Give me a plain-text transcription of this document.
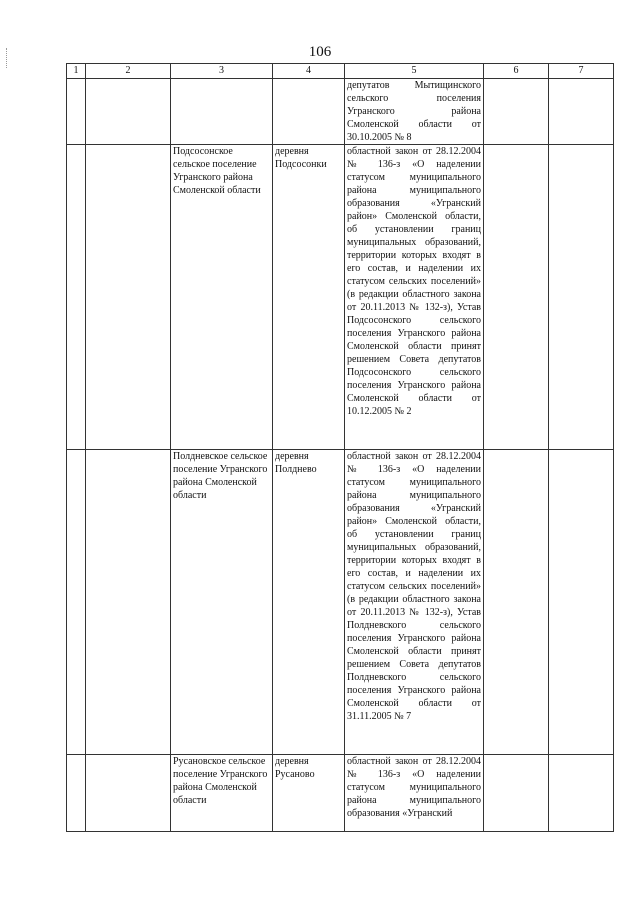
106
1	2	3	4	5	6	7
				депутатов Мытищинского сельского поселения Угранского района Смоленской области от 30.10.2005 № 8		
		Подсосонское сельское поселение Угранского района Смоленской области	деревня Подсосонки	областной закон от 28.12.2004 № 136-з «О наделении статусом муниципального района муниципального образования «Угранский район» Смоленской области, об установлении границ муниципальных образований, территории которых входят в его состав, и наделении их статусом сельских поселений» (в редакции областного закона от 20.11.2013 № 132-з), Устав Подсосонского сельского поселения Угранского района Смоленской области принят решением Совета депутатов Подсосонского сельского поселения Угранского района Смоленской области от 10.12.2005 № 2		
		Полдневское сельское поселение Угранского района Смоленской области	деревня Полднево	областной закон от 28.12.2004 № 136-з «О наделении статусом муниципального района муниципального образования «Угранский район» Смоленской области, об установлении границ муниципальных образований, территории которых входят в его состав, и наделении их статусом сельских поселений» (в редакции областного закона от 20.11.2013 № 132-з), Устав Полдневского сельского поселения Угранского района Смоленской области принят решением Совета депутатов Полдневского сельского поселения Угранского района Смоленской области от 31.11.2005 № 7		
		Русановское сельское поселение Угранского района Смоленской области	деревня Русаново	областной закон от 28.12.2004 № 136-з «О наделении статусом муниципального района муниципального образования «Угранский		
